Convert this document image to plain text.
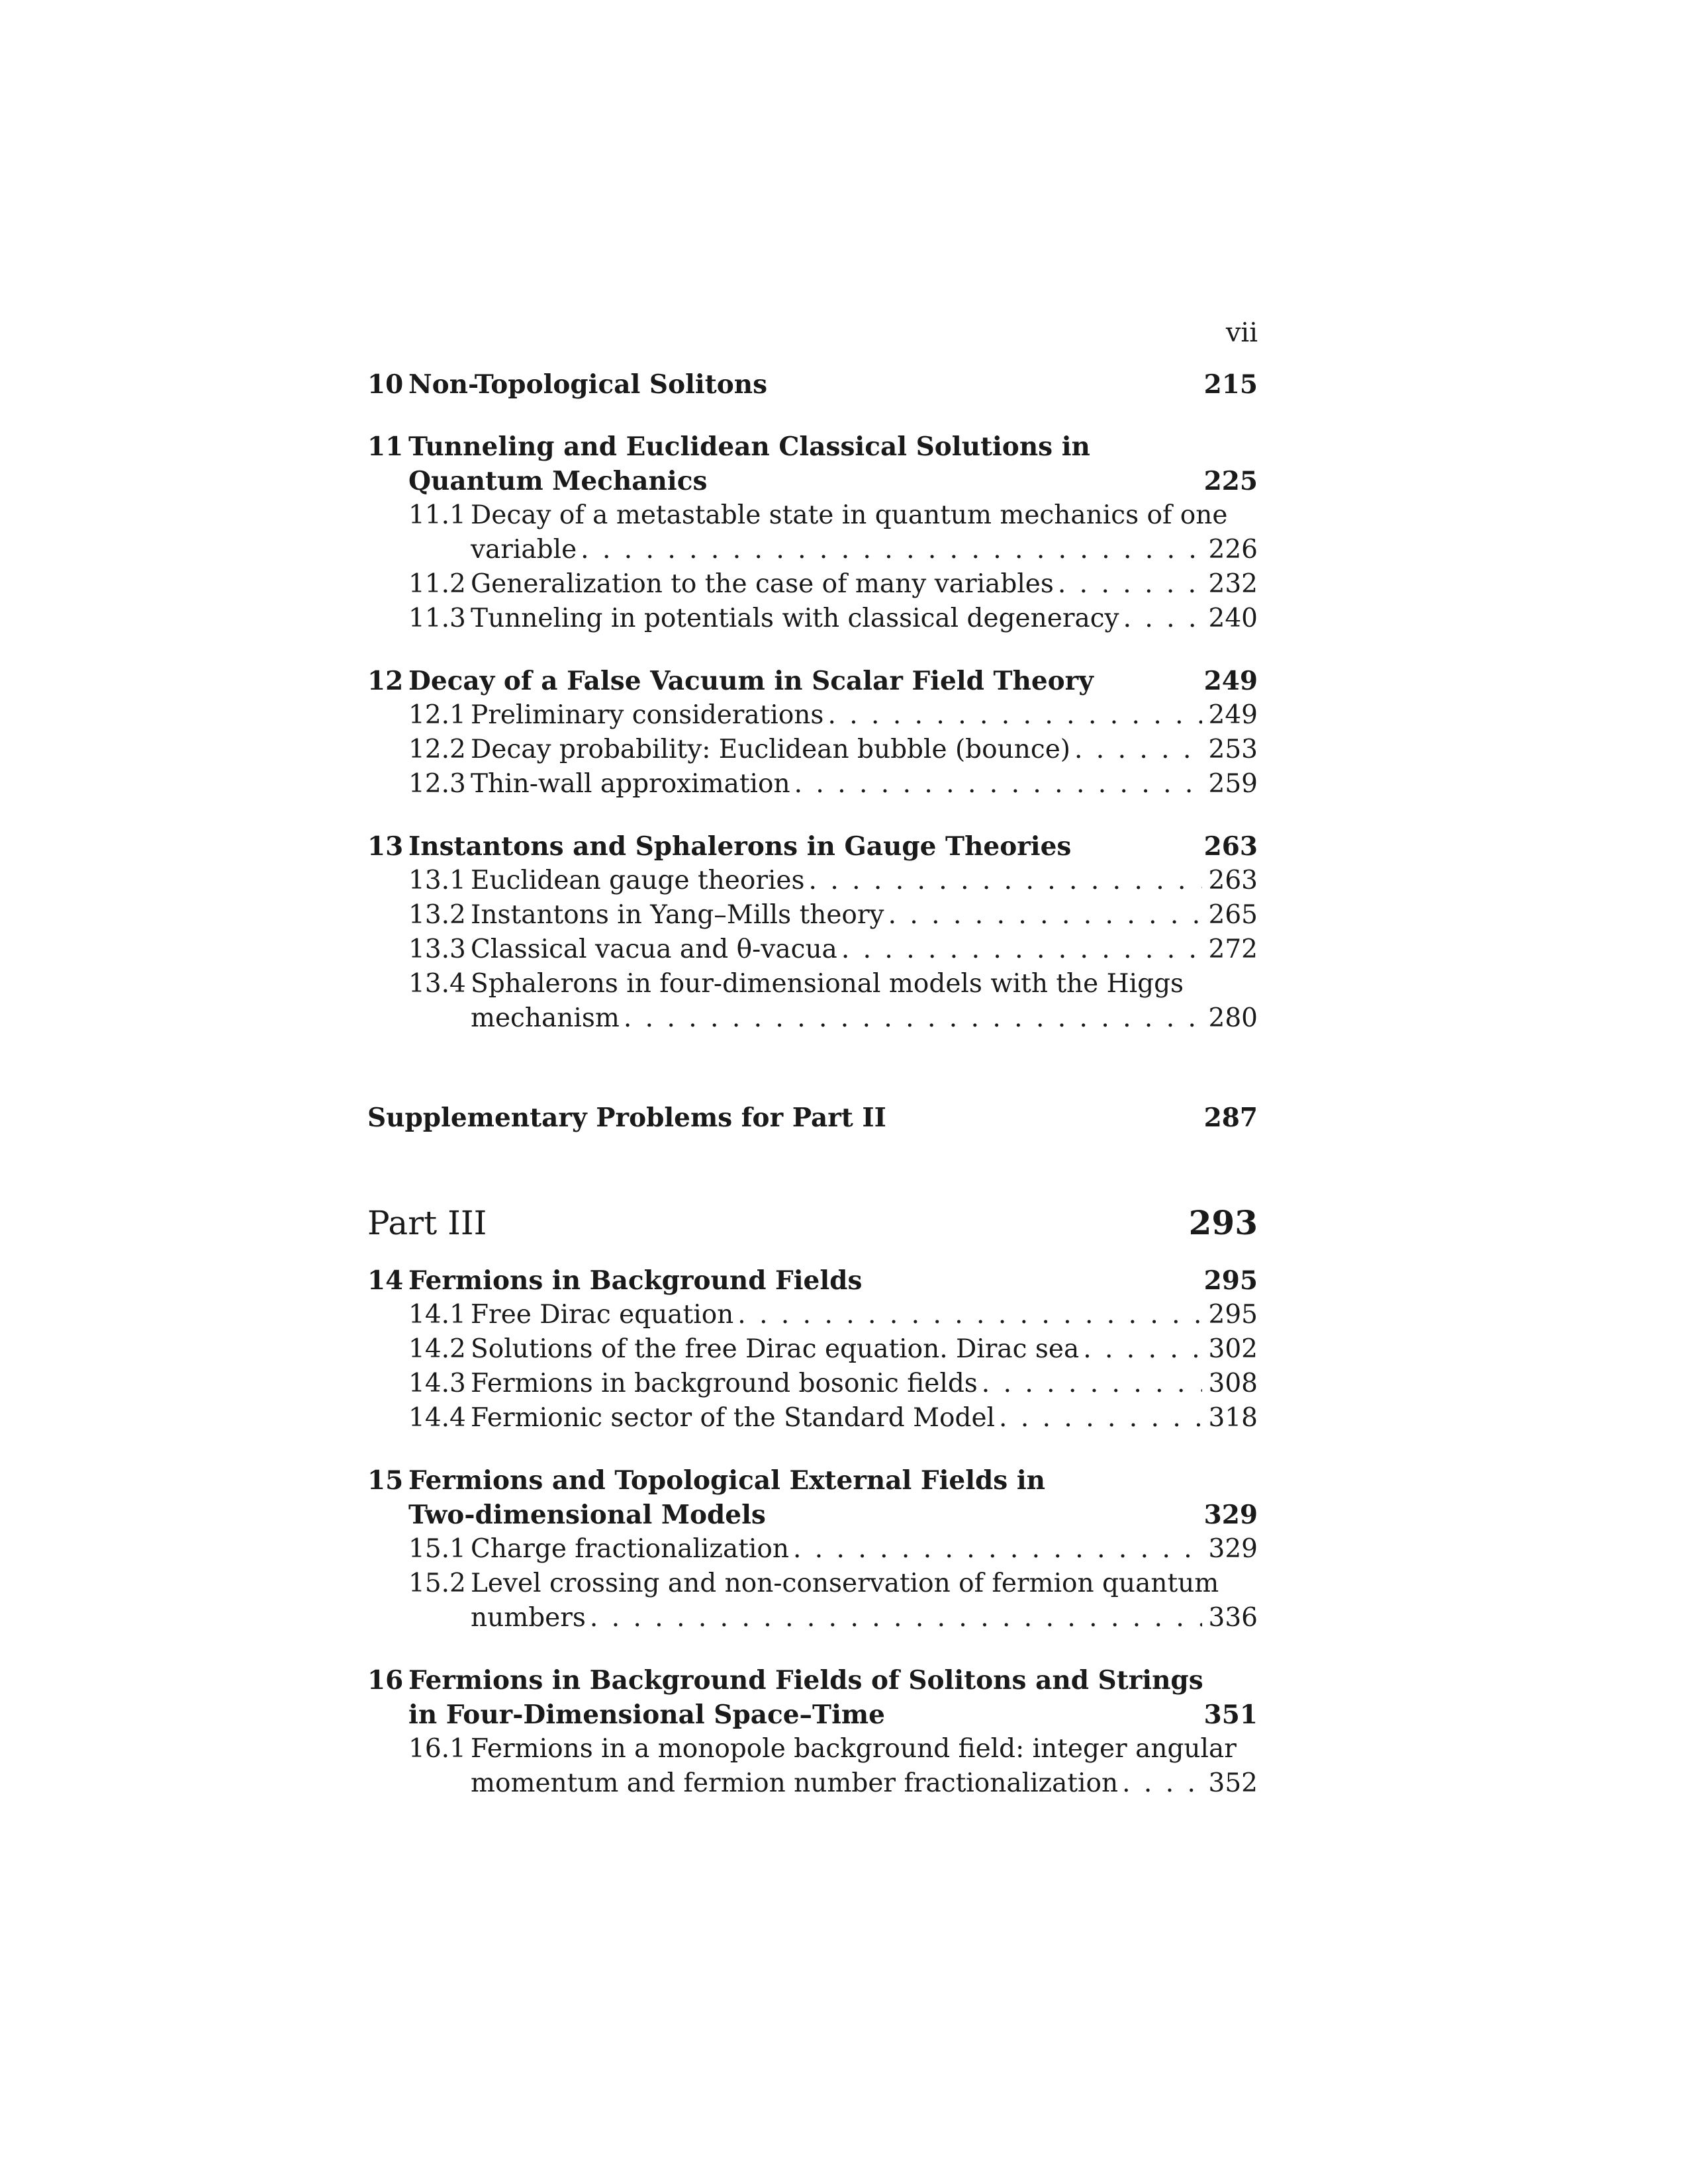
vii
10 Non-Topological Solitons	215
11 Tunneling and Euclidean Classical Solutions in
Quantum Mechanics	225
11.1 Decay of a metastable state in quantum mechanics of one
variable . . .	226
11.2 Generalization to the case of many variables . . .	232
11.3 Tunneling in potentials with classical degeneracy . . .	240
12 Decay of a False Vacuum in Scalar Field Theory	249
12.1 Preliminary considerations . . .	249
12.2 Decay probability: Euclidean bubble (bounce) . . .	253
12.3 Thin-wall approximation . . .	259
13 Instantons and Sphalerons in Gauge Theories	263
13.1 Euclidean gauge theories . . .	263
13.2 Instantons in Yang–Mills theory . . .	265
13.3 Classical vacua and θ-vacua . . .	272
13.4 Sphalerons in four-dimensional models with the Higgs
mechanism . . .	280
Supplementary Problems for Part II	287
Part III	293
14 Fermions in Background Fields	295
14.1 Free Dirac equation . . .	295
14.2 Solutions of the free Dirac equation. Dirac sea . . .	302
14.3 Fermions in background bosonic fields . . .	308
14.4 Fermionic sector of the Standard Model . . .	318
15 Fermions and Topological External Fields in
Two-dimensional Models	329
15.1 Charge fractionalization . . .	329
15.2 Level crossing and non-conservation of fermion quantum
numbers . . .	336
16 Fermions in Background Fields of Solitons and Strings
in Four-Dimensional Space–Time	351
16.1 Fermions in a monopole background field: integer angular
momentum and fermion number fractionalization . . .	352
